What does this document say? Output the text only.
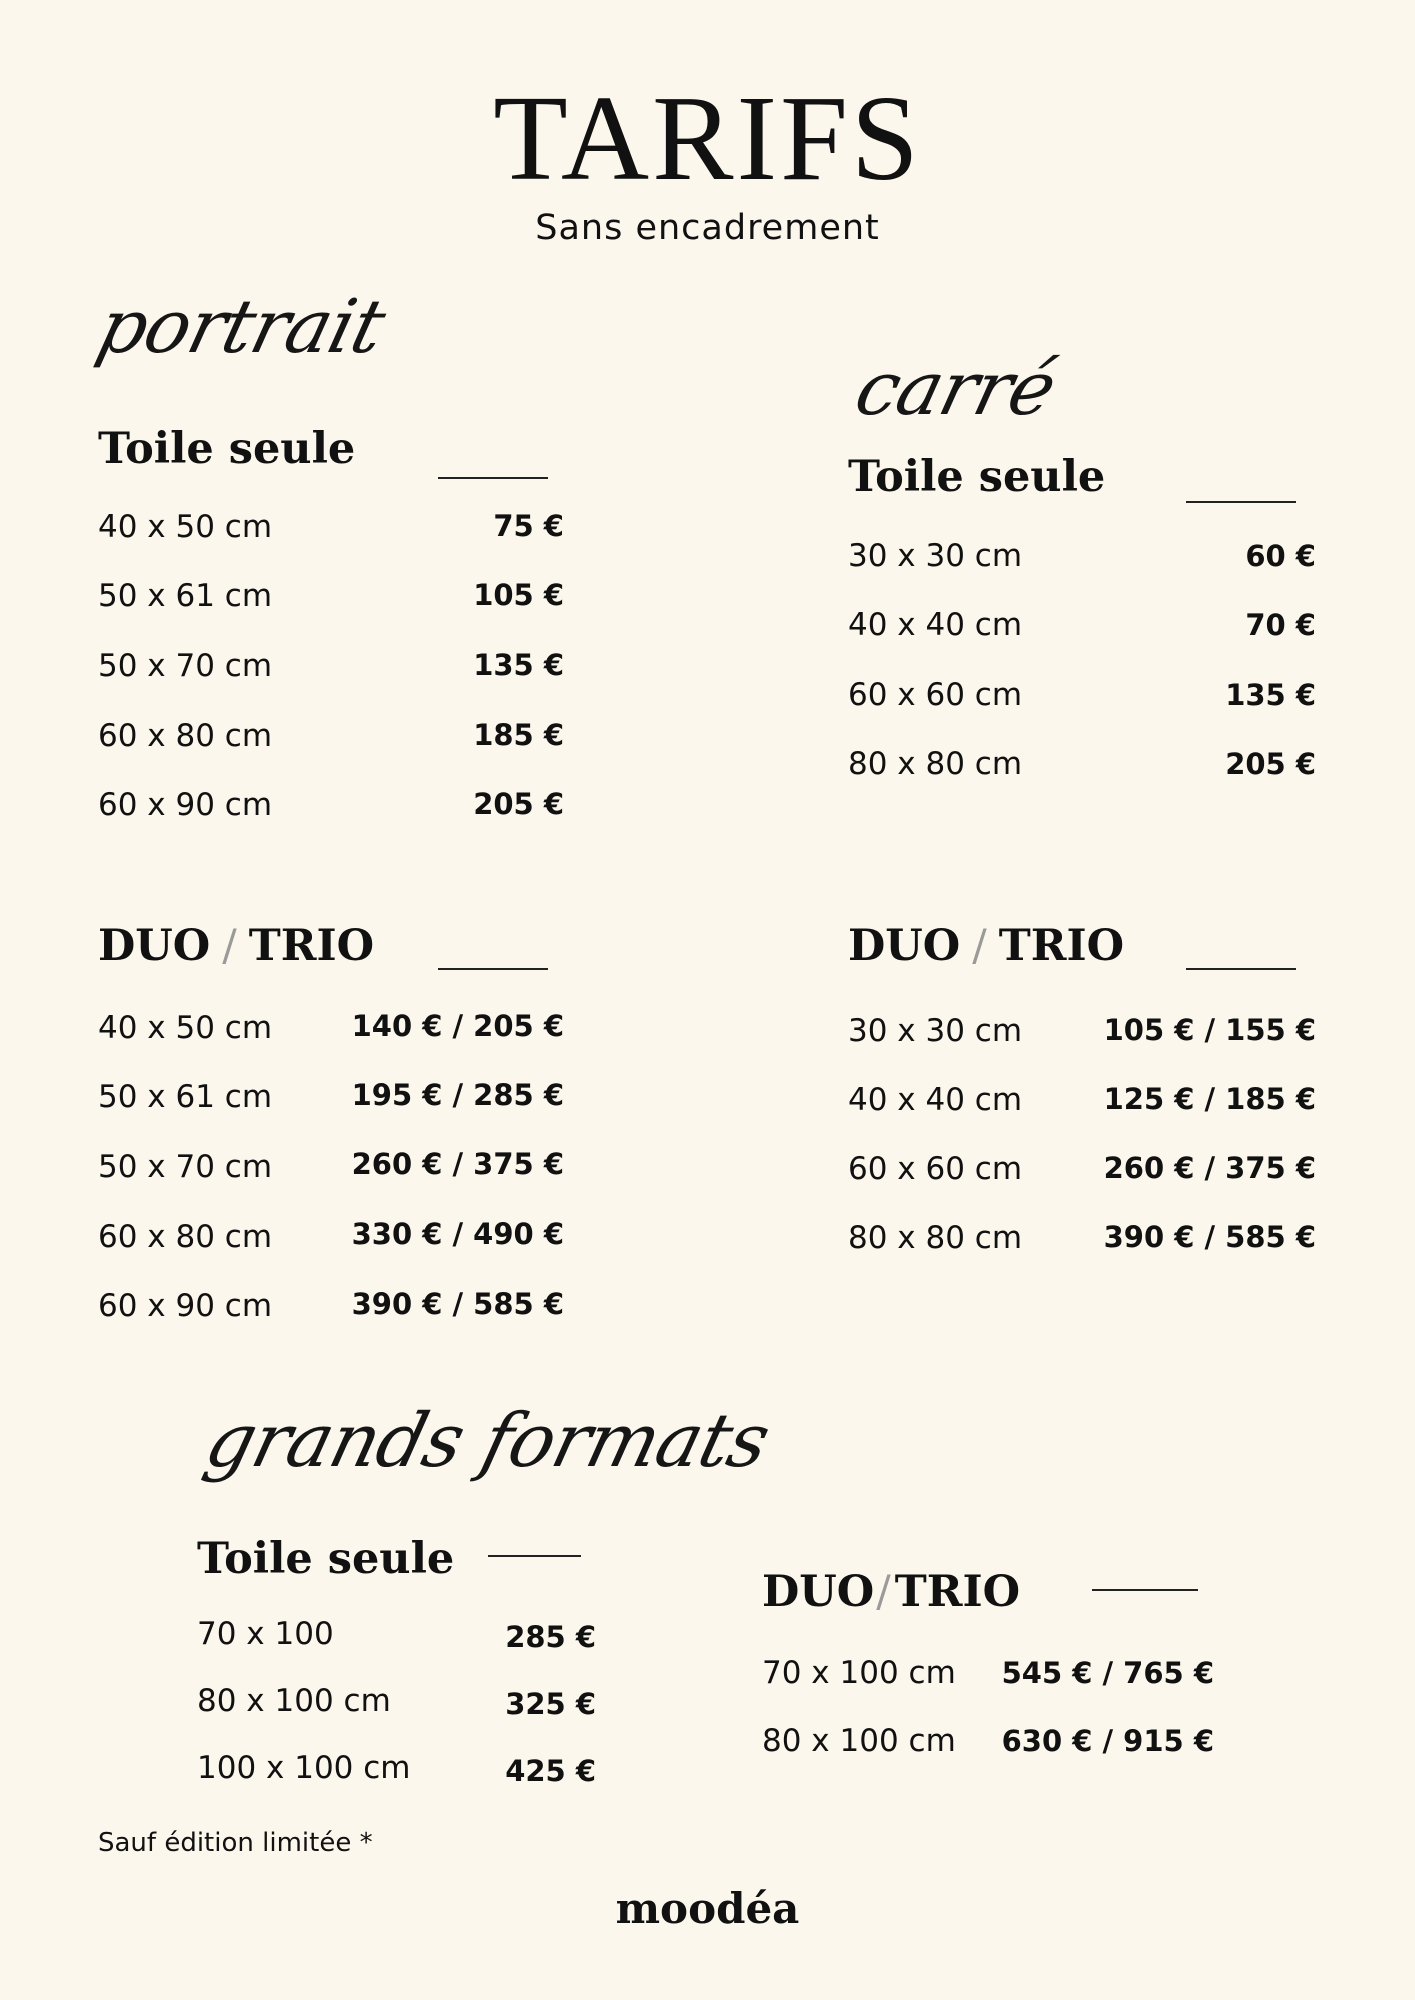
TARIFS
Sans encadrement
portrait
Toile seule
40 x 50 cm	75 €
50 x 61 cm	105 €
50 x 70 cm	135 €
60 x 80 cm	185 €
60 x 90 cm	205 €
DUO / TRIO
40 x 50 cm	140 € / 205 €
50 x 61 cm	195 € / 285 €
50 x 70 cm	260 € / 375 €
60 x 80 cm	330 € / 490 €
60 x 90 cm	390 € / 585 €
carré
Toile seule
30 x 30 cm	60 €
40 x 40 cm	70 €
60 x 60 cm	135 €
80 x 80 cm	205 €
DUO / TRIO
30 x 30 cm	105 € / 155 €
40 x 40 cm	125 € / 185 €
60 x 60 cm	260 € / 375 €
80 x 80 cm	390 € / 585 €
grands formats
Toile seule
70 x 100	285 €
80 x 100 cm	325 €
100 x 100 cm	425 €
DUO/TRIO
70 x 100 cm	545 € / 765 €
80 x 100 cm	630 € / 915 €
Sauf édition limitée *
moodéa
